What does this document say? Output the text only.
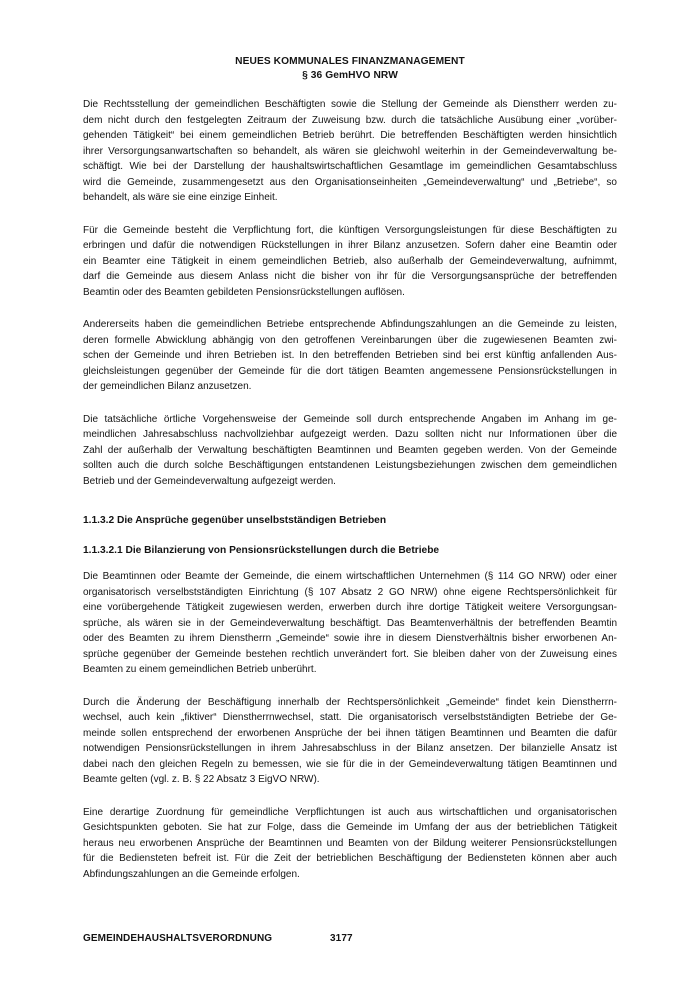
NEUES KOMMUNALES FINANZMANAGEMENT
§ 36 GemHVO NRW
Die Rechtsstellung der gemeindlichen Beschäftigten sowie die Stellung der Gemeinde als Dienstherr werden zu-
dem nicht durch den festgelegten Zeitraum der Zuweisung bzw. durch die tatsächliche Ausübung einer „vorüber-
gehenden Tätigkeit“ bei einem gemeindlichen Betrieb berührt. Die betreffenden Beschäftigten werden hinsichtlich
ihrer Versorgungsanwartschaften so behandelt, als wären sie gleichwohl weiterhin in der Gemeindeverwaltung be-
schäftigt. Wie bei der Darstellung der haushaltswirtschaftlichen Gesamtlage im gemeindlichen Gesamtabschluss
wird die Gemeinde, zusammengesetzt aus den Organisationseinheiten „Gemeindeverwaltung“ und „Betriebe“, so
behandelt, als wäre sie eine einzige Einheit.
Für die Gemeinde besteht die Verpflichtung fort, die künftigen Versorgungsleistungen für diese Beschäftigten zu
erbringen und dafür die notwendigen Rückstellungen in ihrer Bilanz anzusetzen. Sofern daher eine Beamtin oder
ein Beamter eine Tätigkeit in einem gemeindlichen Betrieb, also außerhalb der Gemeindeverwaltung, aufnimmt,
darf die Gemeinde aus diesem Anlass nicht die bisher von ihr für die Versorgungsansprüche der betreffenden
Beamtin oder des Beamten gebildeten Pensionsrückstellungen auflösen.
Andererseits haben die gemeindlichen Betriebe entsprechende Abfindungszahlungen an die Gemeinde zu leisten,
deren formelle Abwicklung abhängig von den getroffenen Vereinbarungen über die zugewiesenen Beamten zwi-
schen der Gemeinde und ihren Betrieben ist. In den betreffenden Betrieben sind bei erst künftig anfallenden Aus-
gleichsleistungen gegenüber der Gemeinde für die dort tätigen Beamten angemessene Pensionsrückstellungen in
der gemeindlichen Bilanz anzusetzen.
Die tatsächliche örtliche Vorgehensweise der Gemeinde soll durch entsprechende Angaben im Anhang im ge-
meindlichen Jahresabschluss nachvollziehbar aufgezeigt werden. Dazu sollten nicht nur Informationen über die
Zahl der außerhalb der Verwaltung beschäftigten Beamtinnen und Beamten gegeben werden. Von der Gemeinde
sollten auch die durch solche Beschäftigungen entstandenen Leistungsbeziehungen zwischen dem gemeindlichen
Betrieb und der Gemeindeverwaltung aufgezeigt werden.
1.1.3.2 Die Ansprüche gegenüber unselbstständigen Betrieben
1.1.3.2.1 Die Bilanzierung von Pensionsrückstellungen durch die Betriebe
Die Beamtinnen oder Beamte der Gemeinde, die einem wirtschaftlichen Unternehmen (§ 114 GO NRW) oder einer
organisatorisch verselbstständigten Einrichtung (§ 107 Absatz 2 GO NRW) ohne eigene Rechtspersönlichkeit für
eine vorübergehende Tätigkeit zugewiesen werden, erwerben durch ihre dortige Tätigkeit weitere Versorgungsan-
sprüche, als wären sie in der Gemeindeverwaltung beschäftigt. Das Beamtenverhältnis der betreffenden Beamtin
oder des Beamten zu ihrem Dienstherrn „Gemeinde“ sowie ihre in diesem Dienstverhältnis bisher erworbenen An-
sprüche gegenüber der Gemeinde bestehen rechtlich unverändert fort. Sie bleiben daher von der Zuweisung eines
Beamten zu einem gemeindlichen Betrieb unberührt.
Durch die Änderung der Beschäftigung innerhalb der Rechtspersönlichkeit „Gemeinde“ findet kein Dienstherrn-
wechsel, auch kein „fiktiver“ Dienstherrnwechsel, statt. Die organisatorisch verselbstständigten Betriebe der Ge-
meinde sollen entsprechend der erworbenen Ansprüche der bei ihnen tätigen Beamtinnen und Beamten die dafür
notwendigen Pensionsrückstellungen in ihrem Jahresabschluss in der Bilanz ansetzen. Der bilanzielle Ansatz ist
dabei nach den gleichen Regeln zu bemessen, wie sie für die in der Gemeindeverwaltung tätigen Beamtinnen und
Beamte gelten (vgl. z. B. § 22 Absatz 3 EigVO NRW).
Eine derartige Zuordnung für gemeindliche Verpflichtungen ist auch aus wirtschaftlichen und organisatorischen
Gesichtspunkten geboten. Sie hat zur Folge, dass die Gemeinde im Umfang der aus der betrieblichen Tätigkeit
heraus neu erworbenen Ansprüche der Beamtinnen und Beamten von der Bildung weiterer Pensionsrückstellungen
für die Bediensteten befreit ist. Für die Zeit der betrieblichen Beschäftigung der Bediensteten können aber auch
Abfindungszahlungen an die Gemeinde erfolgen.
GEMEINDEHAUSHALTSVERORDNUNG	3177
